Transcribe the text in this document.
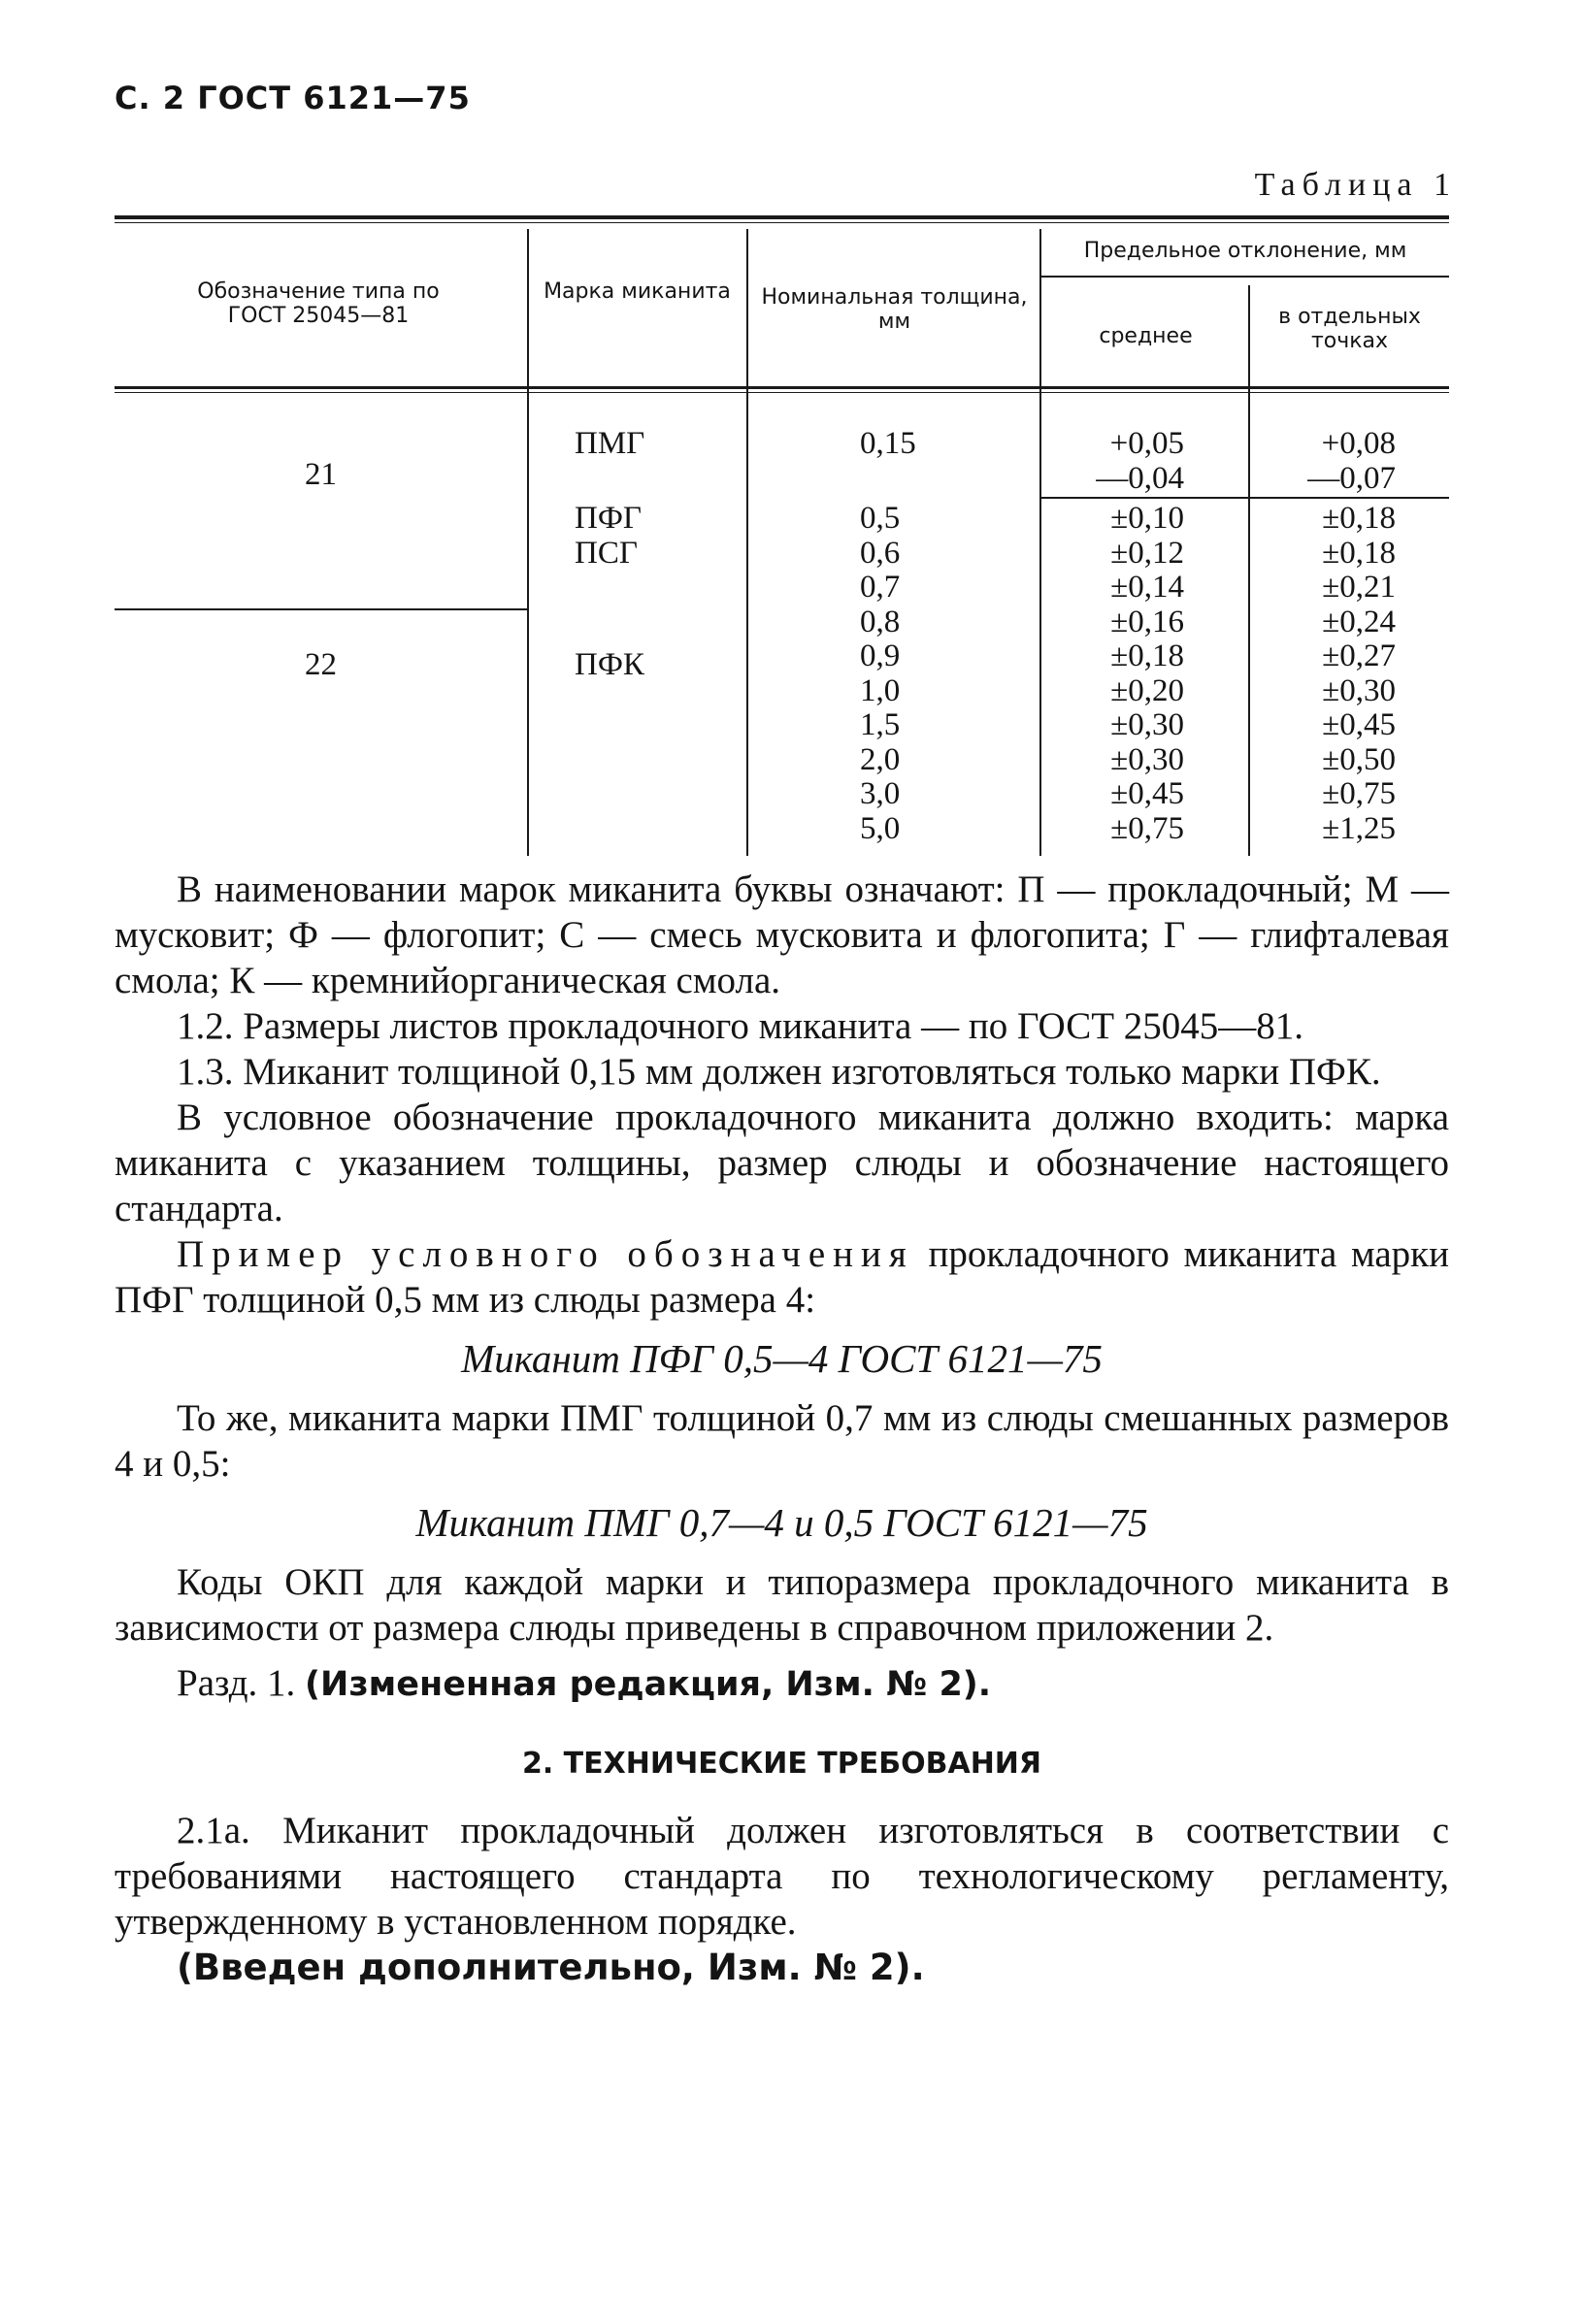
С. 2 ГОСТ 6121—75
Таблица 1
Обозначение типа по ГОСТ 25045—81
Марка миканита Номинальная толщина, мм
Предельное отклонение, мм
среднее
в отдельных точках
21
22
ПМГ
ПФГ
ПСГ
ПФК
0,15
0,5
0,6
0,7
0,8
0,9
1,0
1,5
2,0
3,0
5,0
+0,05
—0,04
±0,10
±0,12
±0,14
±0,16
±0,18
±0,20
±0,30
±0,30
±0,45
±0,75
+0,08
—0,07
±0,18
±0,18
±0,21
±0,24
±0,27
±0,30
±0,45
±0,50
±0,75
±1,25

В наименовании марок миканита буквы означают: П — прокладочный; М — мусковит; Ф — флогопит; С — смесь мусковита и флогопита; Г — глифталевая смола; К — кремнийорганическая смола.

1.2. Размеры листов прокладочного миканита — по ГОСТ 25045—81.

1.3. Миканит толщиной 0,15 мм должен изготовляться только марки ПФК.

В условное обозначение прокладочного миканита должно входить: марка миканита с указанием толщины, размер слюды и обозначение настоящего стандарта.

Пример условного обозначения прокладочного миканита марки ПФГ толщиной 0,5 мм из слюды размера 4:

Миканит ПФГ 0,5—4 ГОСТ 6121—75

То же, миканита марки ПМГ толщиной 0,7 мм из слюды смешанных размеров 4 и 0,5:

Миканит ПМГ 0,7—4 и 0,5 ГОСТ 6121—75

Коды ОКП для каждой марки и типоразмера прокладочного миканита в зависимости от размера слюды приведены в справочном приложении 2.

Разд. 1. (Измененная редакция, Изм. № 2).

2. ТЕХНИЧЕСКИЕ ТРЕБОВАНИЯ

2.1а. Миканит прокладочный должен изготовляться в соответствии с требованиями настоящего стандарта по технологическому регламенту, утвержденному в установленном порядке.

(Введен дополнительно, Изм. № 2).
